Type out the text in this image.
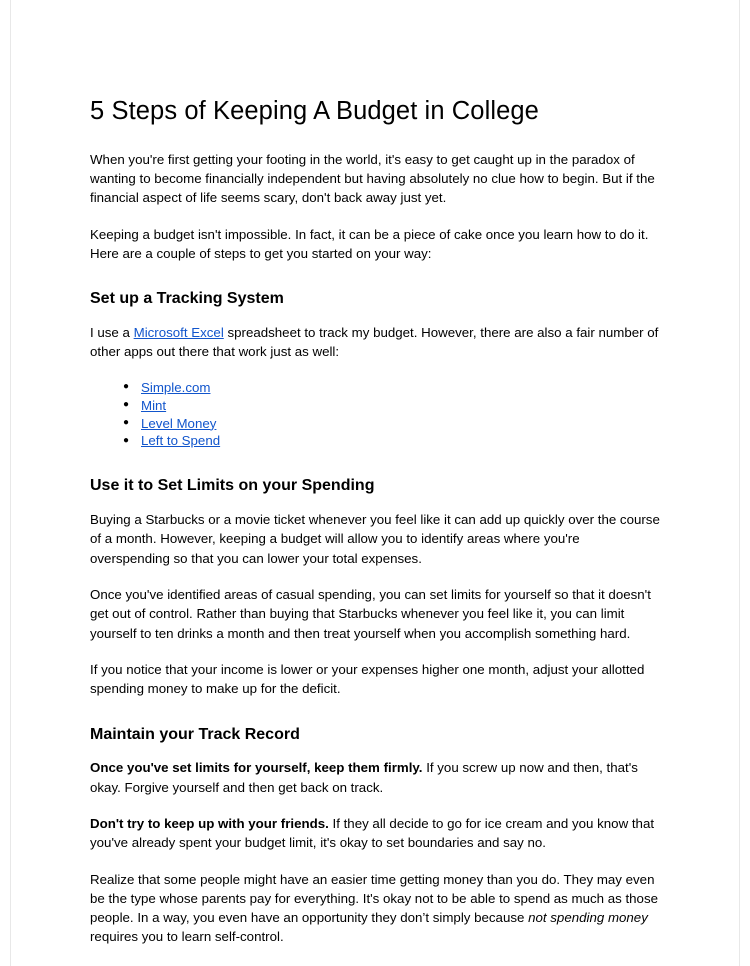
5 Steps of Keeping A Budget in College

When you're first getting your footing in the world, it's easy to get caught up in the paradox of wanting to become financially independent but having absolutely no clue how to begin. But if the financial aspect of life seems scary, don't back away just yet.

Keeping a budget isn't impossible. In fact, it can be a piece of cake once you learn how to do it. Here are a couple of steps to get you started on your way:

Set up a Tracking System

I use a Microsoft Excel spreadsheet to track my budget. However, there are also a fair number of other apps out there that work just as well:

● Simple.com
● Mint
● Level Money
● Left to Spend
Use it to Set Limits on your Spending

Buying a Starbucks or a movie ticket whenever you feel like it can add up quickly over the course of a month. However, keeping a budget will allow you to identify areas where you're overspending so that you can lower your total expenses.

Once you've identified areas of casual spending, you can set limits for yourself so that it doesn't get out of control. Rather than buying that Starbucks whenever you feel like it, you can limit yourself to ten drinks a month and then treat yourself when you accomplish something hard.

If you notice that your income is lower or your expenses higher one month, adjust your allotted spending money to make up for the deficit.

Maintain your Track Record

Once you've set limits for yourself, keep them firmly. If you screw up now and then, that's okay. Forgive yourself and then get back on track.

Don't try to keep up with your friends. If they all decide to go for ice cream and you know that you've already spent your budget limit, it's okay to set boundaries and say no.

Realize that some people might have an easier time getting money than you do. They may even be the type whose parents pay for everything. It's okay not to be able to spend as much as those people. In a way, you even have an opportunity they don’t simply because not spending money requires you to learn self-control.
